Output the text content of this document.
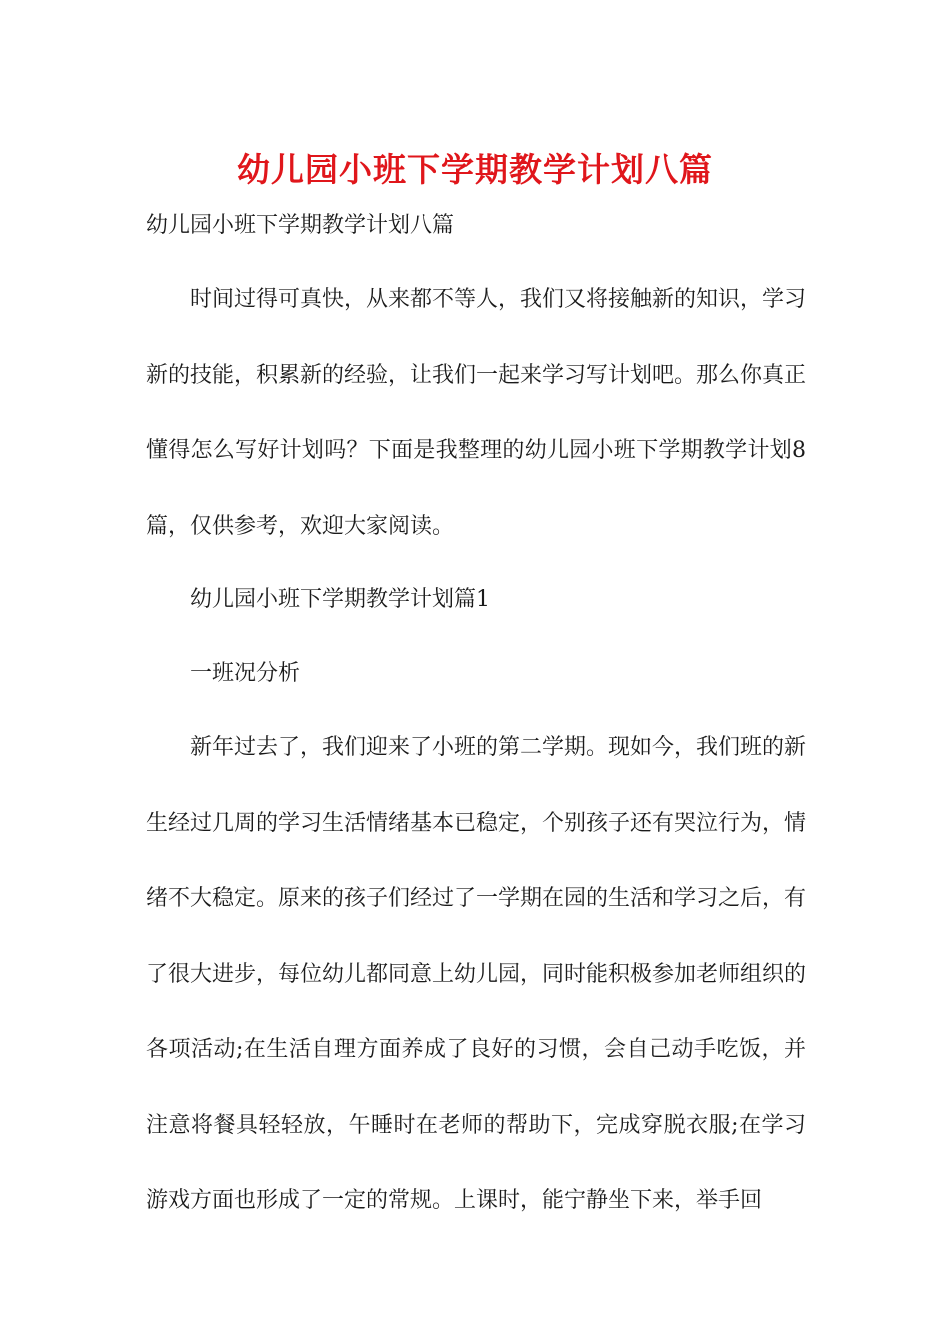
幼儿园小班下学期教学计划八篇
幼儿园小班下学期教学计划八篇

时间过得可真快，从来都不等人，我们又将接触新的知识，学习新的技能，积累新的经验，让我们一起来学习写计划吧。那么你真正懂得怎么写好计划吗？下面是我整理的幼儿园小班下学期教学计划8篇，仅供参考，欢迎大家阅读。

幼儿园小班下学期教学计划篇1
一班况分析

新年过去了，我们迎来了小班的第二学期。现如今，我们班的新生经过几周的学习生活情绪基本已稳定，个别孩子还有哭泣行为，情绪不大稳定。原来的孩子们经过了一学期在园的生活和学习之后，有了很大进步，每位幼儿都同意上幼儿园，同时能积极参加老师组织的各项活动;在生活自理方面养成了良好的习惯，会自己动手吃饭，并注意将餐具轻轻放，午睡时在老师的帮助下，完成穿脱衣服;在学习游戏方面也形成了一定的常规。上课时，能宁静坐下来，举手回
